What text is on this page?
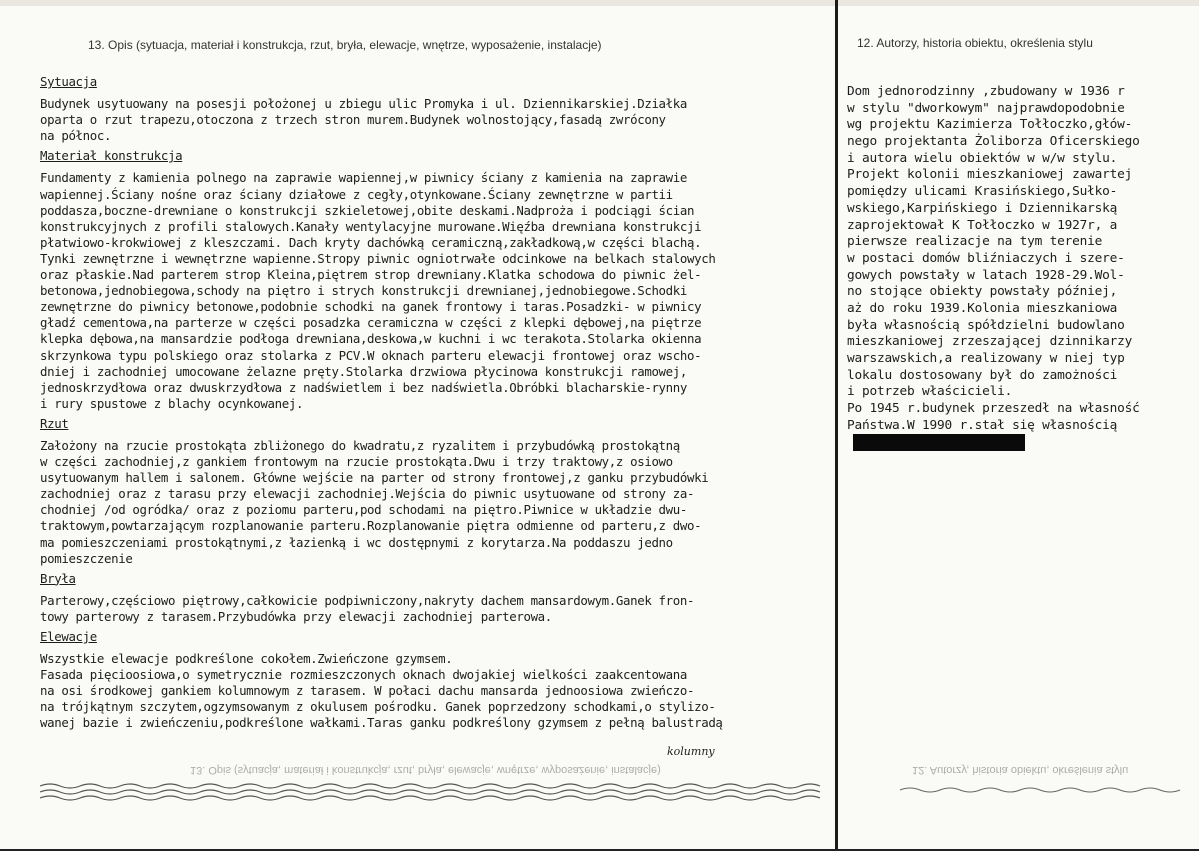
13. Opis (sytuacja, materiał i konstrukcja, rzut, bryła, elewacje, wnętrze, wyposażenie, instalacje)	12. Autorzy, historia obiektu, określenia stylu
Sytuacja
Budynek usytuowany na posesji położonej u zbiegu ulic Promyka i ul. Dziennikarskiej.Działka
oparta o rzut trapezu,otoczona z trzech stron murem.Budynek wolnostojący,fasadą zwrócony
na północ.
Materiał konstrukcja
Fundamenty z kamienia polnego na zaprawie wapiennej,w piwnicy ściany z kamienia na zaprawie
wapiennej.Ściany nośne oraz ściany działowe z cegły,otynkowane.Ściany zewnętrzne w partii
poddasza,boczne-drewniane o konstrukcji szkieletowej,obite deskami.Nadproża i podciągi ścian
konstrukcyjnych z profili stalowych.Kanały wentylacyjne murowane.Więźba drewniana konstrukcji
płatwiowo-krokwiowej z kleszczami. Dach kryty dachówką ceramiczną,zakładkową,w części blachą.
Tynki zewnętrzne i wewnętrzne wapienne.Stropy piwnic ogniotrwałe odcinkowe na belkach stalowych
oraz płaskie.Nad parterem strop Kleina,piętrem strop drewniany.Klatka schodowa do piwnic żel-
betonowa,jednobiegowa,schody na piętro i strych konstrukcji drewnianej,jednobiegowe.Schodki
zewnętrzne do piwnicy betonowe,podobnie schodki na ganek frontowy i taras.Posadzki- w piwnicy
gładź cementowa,na parterze w części posadzka ceramiczna w części z klepki dębowej,na piętrze
klepka dębowa,na mansardzie podłoga drewniana,deskowa,w kuchni i wc terakota.Stolarka okienna
skrzynkowa typu polskiego oraz stolarka z PCV.W oknach parteru elewacji frontowej oraz wscho-
dniej i zachodniej umocowane żelazne pręty.Stolarka drzwiowa płycinowa konstrukcji ramowej,
jednoskrzydłowa oraz dwuskrzydłowa z nadświetlem i bez nadświetla.Obróbki blacharskie-rynny
i rury spustowe z blachy ocynkowanej.
Rzut
Założony na rzucie prostokąta zbliżonego do kwadratu,z ryzalitem i przybudówką prostokątną
w części zachodniej,z gankiem frontowym na rzucie prostokąta.Dwu i trzy traktowy,z osiowo
usytuowanym hallem i salonem. Główne wejście na parter od strony frontowej,z ganku przybudówki
zachodniej oraz z tarasu przy elewacji zachodniej.Wejścia do piwnic usytuowane od strony za-
chodniej /od ogródka/ oraz z poziomu parteru,pod schodami na piętro.Piwnice w układzie dwu-
traktowym,powtarzającym rozplanowanie parteru.Rozplanowanie piętra odmienne od parteru,z dwo-
ma pomieszczeniami prostokątnymi,z łazienką i wc dostępnymi z korytarza.Na poddaszu jedno
pomieszczenie
Bryła
Parterowy,częściowo piętrowy,całkowicie podpiwniczony,nakryty dachem mansardowym.Ganek fron-
towy parterowy z tarasem.Przybudówka przy elewacji zachodniej parterowa.
Elewacje
Wszystkie elewacje podkreślone cokołem.Zwieńczone gzymsem.
Fasada pięcioosiowa,o symetrycznie rozmieszczonych oknach dwojakiej wielkości zaakcentowana
na osi środkowej gankiem kolumnowym z tarasem. W połaci dachu mansarda jednoosiowa zwieńczo-
na trójkątnym szczytem,ogzymsowanym z okulusem pośrodku. Ganek poprzedzony schodkami,o stylizo-
wanej bazie i zwieńczeniu,podkreślone wałkami.Taras ganku podkreślony gzymsem z pełną balustradą
Dom jednorodzinny ,zbudowany w 1936 r
w stylu "dworkowym" najprawdopodobnie
wg projektu Kazimierza Tołłoczko,głów-
nego projektanta Żoliborza Oficerskiego
i autora wielu obiektów w w/w stylu.
Projekt kolonii mieszkaniowej zawartej
pomiędzy ulicami Krasińskiego,Sułko-
wskiego,Karpińskiego i Dziennikarską
zaprojektował K Tołłoczko w 1927r, a
pierwsze realizacje na tym terenie
w postaci domów bliźniaczych i szere-
gowych powstały w latach 1928-29.Wol-
no stojące obiekty powstały później,
aż do roku 1939.Kolonia mieszkaniowa
była własnością spółdzielni budowlano
mieszkaniowej zrzeszającej dzinnikarzy
warszawskich,a realizowany w niej typ
lokalu dostosowany był do zamożności
i potrzeb właścicieli.
Po 1945 r.budynek przeszedł na własność
Państwa.W 1990 r.stał się własnością
kolumny
13. Opis (sytuacja, materiał i konstrukcja, rzut, bryła, elewacje, wnętrze, wyposażenie, instalacje)	12. Autorzy, historia obiektu, określenia stylu
